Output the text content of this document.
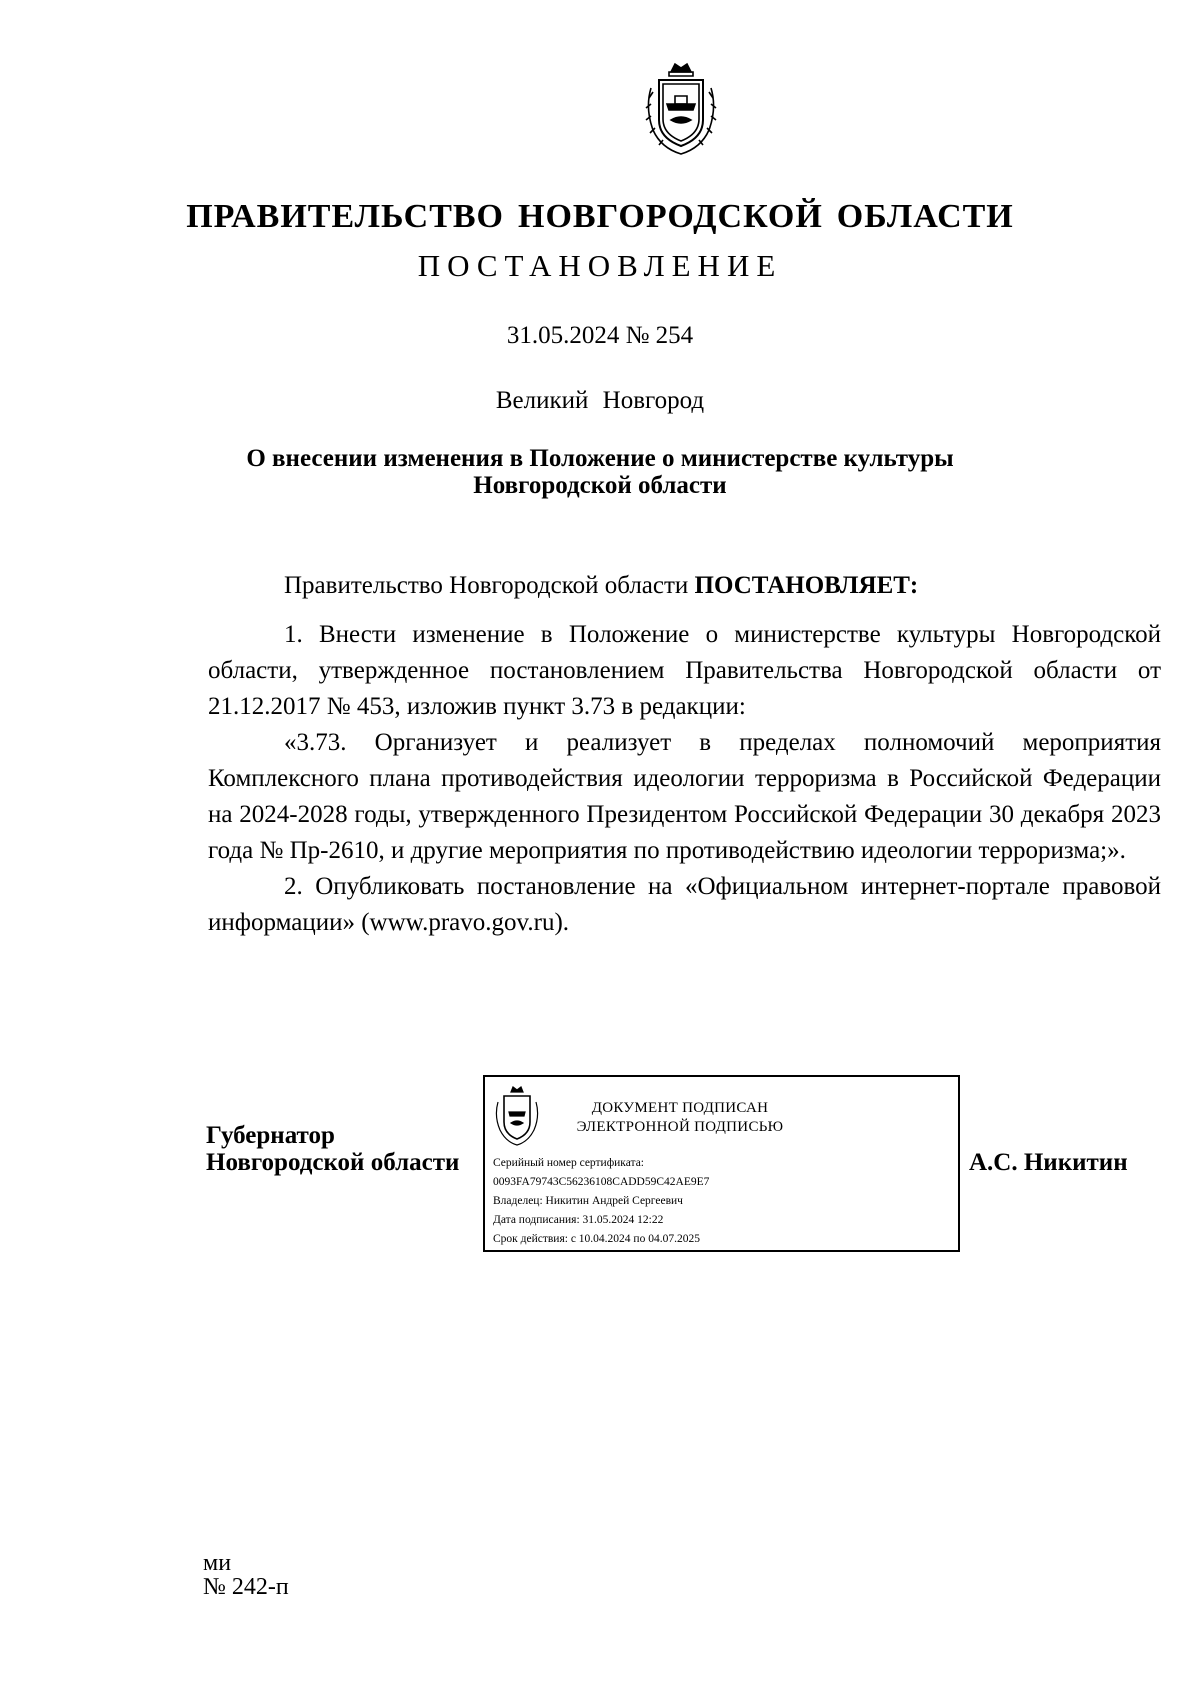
ПРАВИТЕЛЬСТВО НОВГОРОДСКОЙ ОБЛАСТИ
ПОСТАНОВЛЕНИЕ
31.05.2024 № 254
Великий Новгород
О внесении изменения в Положение о министерстве культуры
Новгородской области
Правительство Новгородской области ПОСТАНОВЛЯЕТ:

1. Внести изменение в Положение о министерстве культуры Новгородской области, утвержденное постановлением Правительства Новгородской области от 21.12.2017 № 453, изложив пункт 3.73 в редакции:

«3.73. Организует и реализует в пределах полномочий мероприятия Комплексного плана противодействия идеологии терроризма в Российской Федерации на 2024-2028 годы, утвержденного Президентом Российской Федерации 30 декабря 2023 года № Пр-2610, и другие мероприятия по противодействию идеологии терроризма;».

2. Опубликовать постановление на «Официальном интернет-портале правовой информации» (www.pravo.gov.ru).

Губернатор
Новгородской области
ДОКУМЕНТ ПОДПИСАН
ЭЛЕКТРОННОЙ ПОДПИСЬЮ
Серийный номер сертификата:
0093FA79743C56236108CADD59C42AE9E7
Владелец: Никитин Андрей Сергеевич
Дата подписания: 31.05.2024 12:22
Срок действия: с 10.04.2024 по 04.07.2025
А.С. Никитин
ми
№ 242-п
